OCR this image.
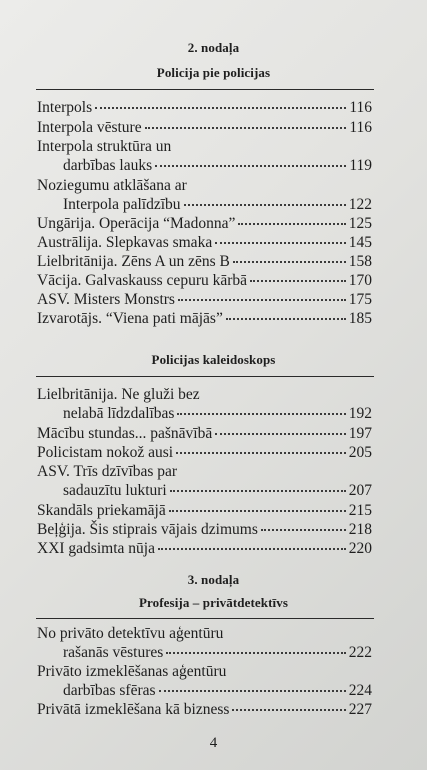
2. nodaļa
Policija pie policijas
Interpols	116
Interpola vēsture	116
Interpola struktūra un
darbības lauks	119
Noziegumu atklāšana ar
Interpola palīdzību	122
Ungārija. Operācija “Madonna”	125
Austrālija. Slepkavas smaka	145
Lielbritānija. Zēns A un zēns B	158
Vācija. Galvaskauss cepuru kārbā	170
ASV. Misters Monstrs	175
Izvarotājs. “Viena pati mājās”	185
Policijas kaleidoskops
Lielbritānija. Ne gluži bez
nelabā līdzdalības	192
Mācību stundas... pašnāvībā	197
Policistam nokož ausi	205
ASV. Trīs dzīvības par
sadauzītu lukturi	207
Skandāls priekamājā	215
Beļģija. Šis stiprais vājais dzimums	218
XXI gadsimta nūja	220
3. nodaļa
Profesija – privātdetektīvs
No privāto detektīvu aģentūru
rašanās vēstures	222
Privāto izmeklēšanas aģentūru
darbības sfēras	224
Privātā izmeklēšana kā bizness	227
4
